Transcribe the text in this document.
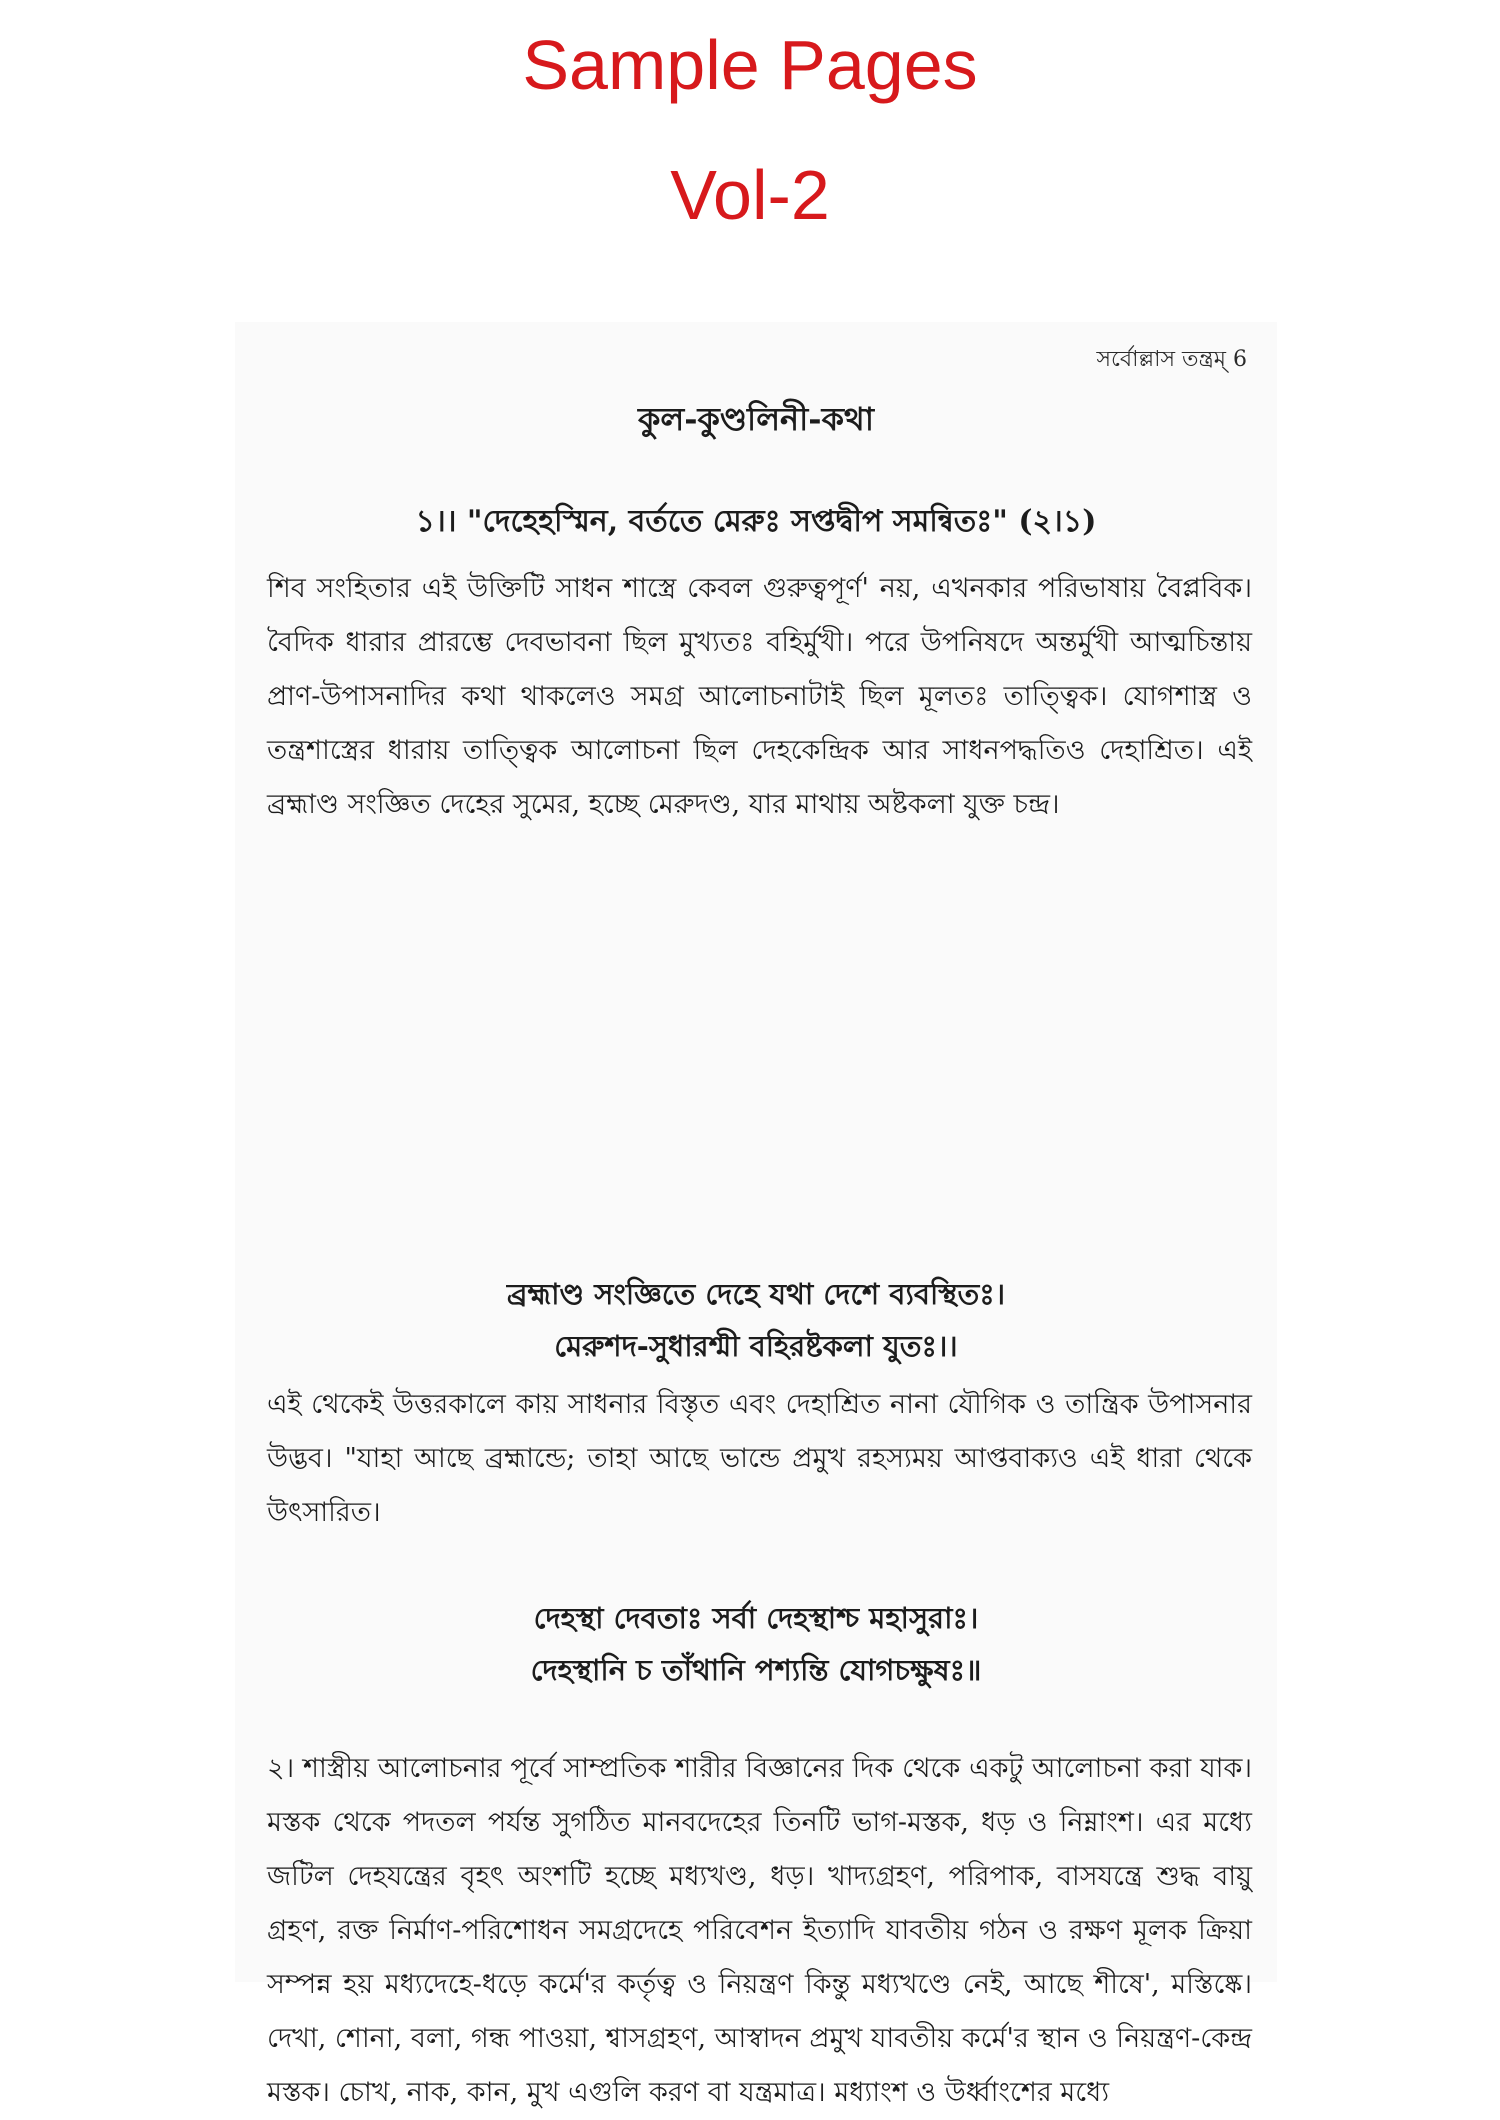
Sample Pages
Vol-2
সর্বোল্লাস তন্ত্রম্ 6
কুল-কুণ্ডলিনী-কথা
১।। "দেহেহস্মিন, বর্ততে মেরুঃ সপ্তদ্বীপ সমন্বিতঃ" (২।১)

শিব সংহিতার এই উক্তিটি সাধন শাস্ত্রে কেবল গুরুত্বপূর্ণ' নয়, এখনকার পরিভাষায় বৈপ্লবিক। বৈদিক ধারার প্রারম্ভে দেবভাবনা ছিল মুখ্যতঃ বহির্মুখী। পরে উপনিষদে অন্তর্মুখী আত্মচিন্তায় প্রাণ-উপাসনাদির কথা থাকলেও সমগ্র আলোচনাটাই ছিল মূলতঃ তাত্ত্বিক। যোগশাস্ত্র ও তন্ত্রশাস্ত্রের ধারায় তাত্ত্বিক আলোচনা ছিল দেহকেন্দ্রিক আর সাধনপদ্ধতিও দেহাশ্রিত। এই ব্রহ্মাণ্ড সংজ্ঞিত দেহের সুমের, হচ্ছে মেরুদণ্ড, যার মাথায় অষ্টকলা যুক্ত চন্দ্র।

ব্রহ্মাণ্ড সংজ্ঞিতে দেহে যথা দেশে ব্যবস্থিতঃ।
মেরুশদ-সুধারশ্মী বহিরষ্টকলা যুতঃ।।

এই থেকেই উত্তরকালে কায় সাধনার বিস্তৃত এবং দেহাশ্রিত নানা যৌগিক ও তান্ত্রিক উপাসনার উদ্ভব। "যাহা আছে ব্রহ্মান্ডে; তাহা আছে ভান্ডে প্রমুখ রহস্যময় আপ্তবাক্যও এই ধারা থেকে উৎসারিত।

দেহস্থা দেবতাঃ সর্বা দেহস্থাশ্চ মহাসুরাঃ।
দেহস্থানি চ তাঁথানি পশ্যন্তি যোগচক্ষুষঃ॥

২। শাস্ত্রীয় আলোচনার পূর্বে সাম্প্রতিক শারীর বিজ্ঞানের দিক থেকে একটু আলোচনা করা যাক। মস্তক থেকে পদতল পর্যন্ত সুগঠিত মানবদেহের তিনটি ভাগ-মস্তক, ধড় ও নিম্নাংশ। এর মধ্যে জটিল দেহযন্ত্রের বৃহৎ অংশটি হচ্ছে মধ্যখণ্ড, ধড়। খাদ্যগ্রহণ, পরিপাক, বাসযন্ত্রে শুদ্ধ বায়ু গ্রহণ, রক্ত নির্মাণ-পরিশোধন সমগ্রদেহে পরিবেশন ইত্যাদি যাবতীয় গঠন ও রক্ষণ মূলক ক্রিয়া সম্পন্ন হয় মধ্যদেহে-ধড়ে কর্মে'র কর্তৃত্ব ও নিয়ন্ত্রণ কিন্তু মধ্যখণ্ডে নেই, আছে শীষে', মস্তিষ্কে। দেখা, শোনা, বলা, গন্ধ পাওয়া, শ্বাসগ্রহণ, আস্বাদন প্রমুখ যাবতীয় কর্মে'র স্থান ও নিয়ন্ত্রণ-কেন্দ্র মস্তক। চোখ, নাক, কান, মুখ এগুলি করণ বা যন্ত্রমাত্র। মধ্যাংশ ও উর্ধ্বাংশের মধ্যে
